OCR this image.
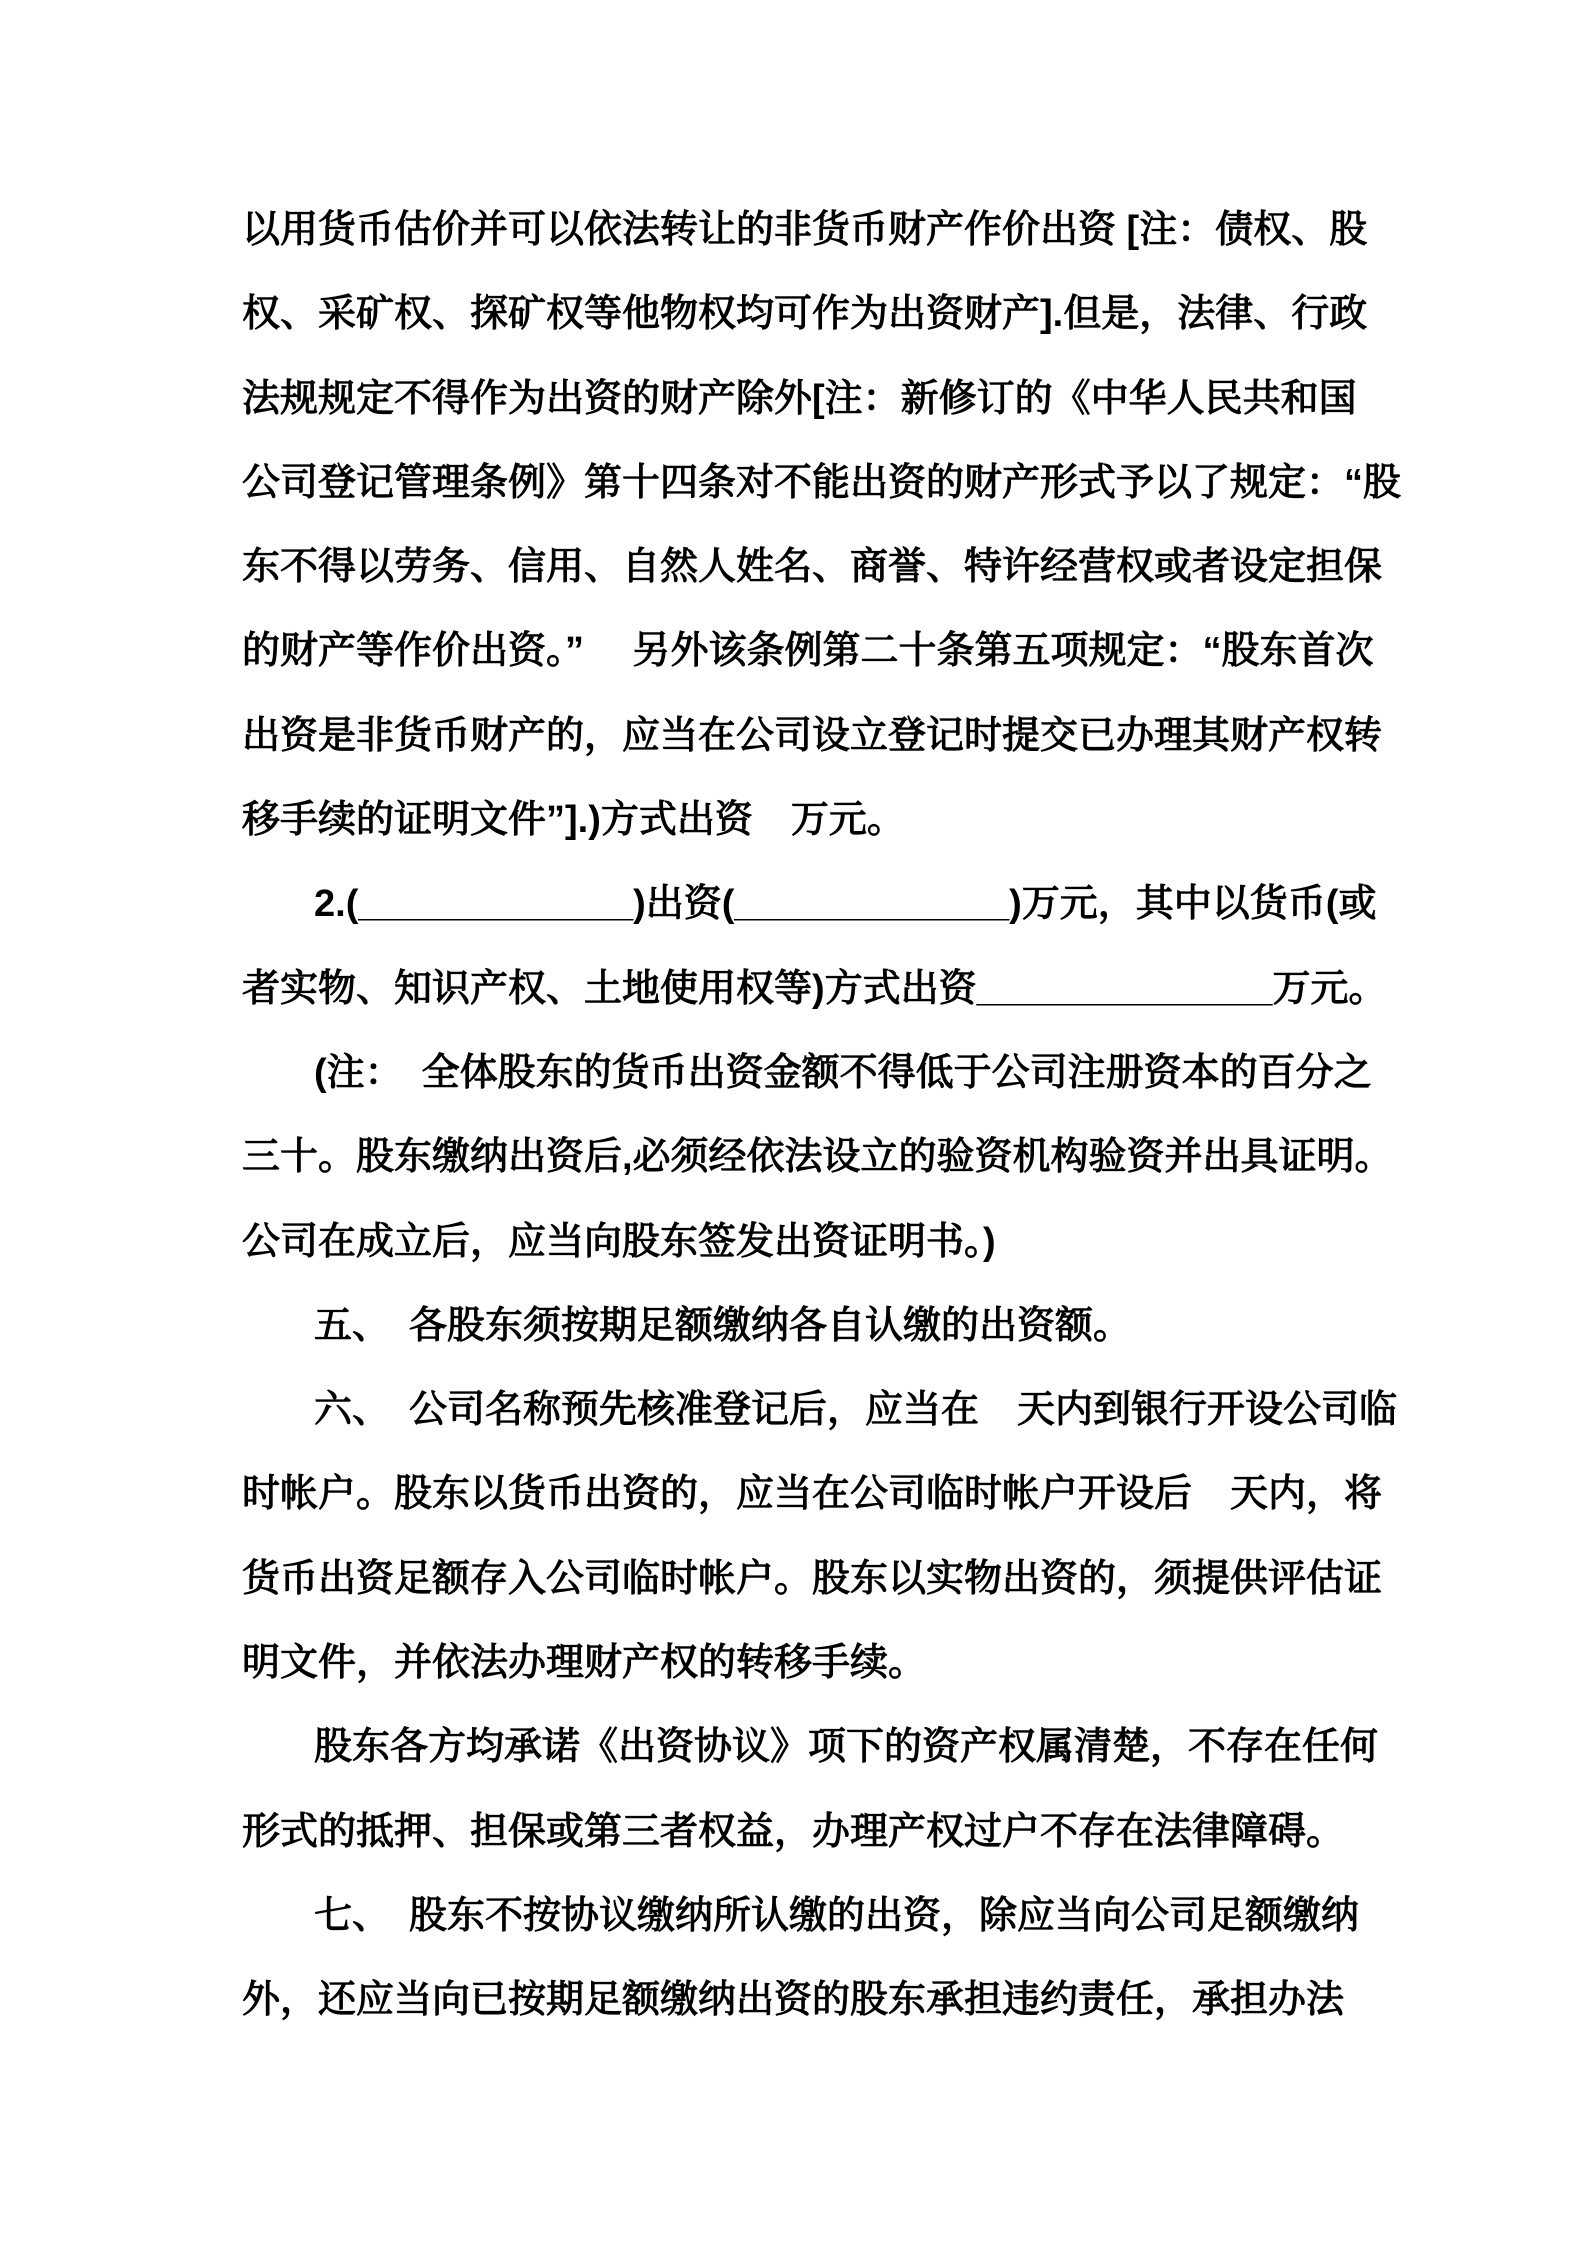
以用货币估价并可以依法转让的非货币财产作价出资 [注：债权、股
权、采矿权、探矿权等他物权均可作为出资财产].但是，法律、行政
法规规定不得作为出资的财产除外[注：新修订的《中华人民共和国
公司登记管理条例》第十四条对不能出资的财产形式予以了规定：“股
东不得以劳务、信用、自然人姓名、商誉、特许经营权或者设定担保
的财产等作价出资。”　 另外该条例第二十条第五项规定：“股东首次
出资是非货币财产的，应当在公司设立登记时提交已办理其财产权转
移手续的证明文件”].)方式出资　万元。
2.(_____________)出资(_____________)万元，其中以货币(或
者实物、知识产权、土地使用权等)方式出资______________万元。
(注：　全体股东的货币出资金额不得低于公司注册资本的百分之
三十。股东缴纳出资后,必须经依法设立的验资机构验资并出具证明。
公司在成立后，应当向股东签发出资证明书。)
五、　各股东须按期足额缴纳各自认缴的出资额。
六、　公司名称预先核准登记后，应当在　天内到银行开设公司临
时帐户。股东以货币出资的，应当在公司临时帐户开设后　天内，将
货币出资足额存入公司临时帐户。股东以实物出资的，须提供评估证
明文件，并依法办理财产权的转移手续。
股东各方均承诺《出资协议》项下的资产权属清楚，不存在任何
形式的抵押、担保或第三者权益，办理产权过户不存在法律障碍。
七、　股东不按协议缴纳所认缴的出资，除应当向公司足额缴纳
外，还应当向已按期足额缴纳出资的股东承担违约责任，承担办法
